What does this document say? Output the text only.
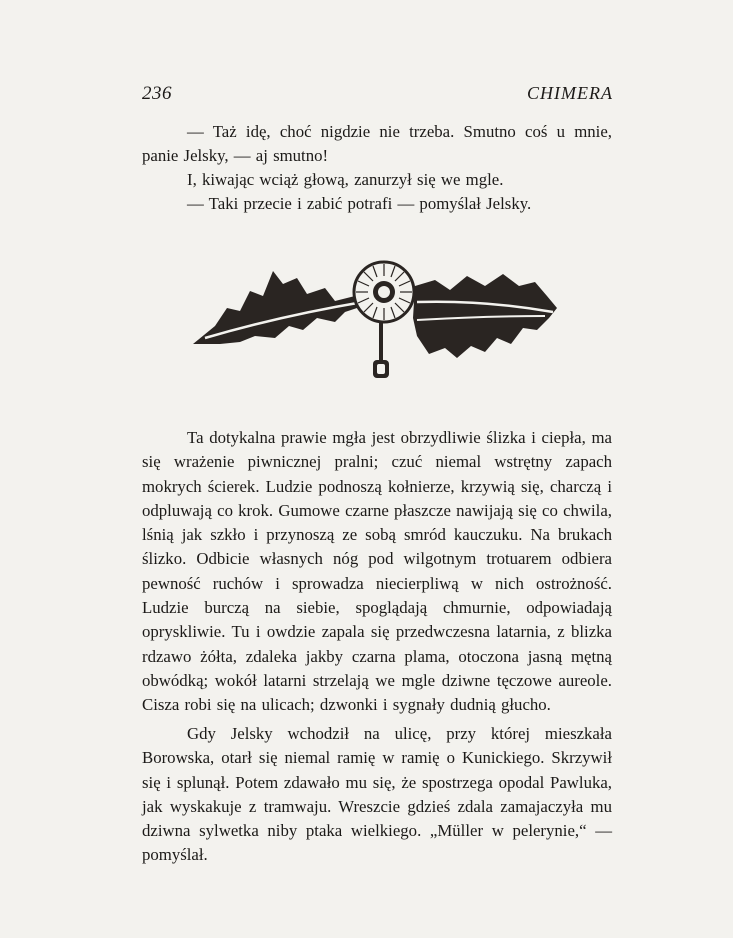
236	CHIMERA

— Taż idę, choć nigdzie nie trzeba. Smutno coś u mnie, panie Jelsky, — aj smutno!

I, kiwając wciąż głową, zanurzył się we mgle.

— Taki przecie i zabić potrafi — pomyślał Jelsky.

Ta dotykalna prawie mgła jest obrzydliwie ślizka i ciepła, ma się wrażenie piwnicznej pralni; czuć niemal wstrętny zapach mokrych ścierek. Ludzie podnoszą kołnierze, krzywią się, charczą i odpluwają co krok. Gumowe czarne płaszcze nawijają się co chwila, lśnią jak szkło i przynoszą ze sobą smród kauczuku. Na brukach ślizko. Odbicie własnych nóg pod wilgotnym trotuarem odbiera pewność ruchów i sprowadza niecierpliwą w nich ostrożność. Ludzie burczą na siebie, spoglądają chmurnie, odpowiadają opryskliwie. Tu i owdzie zapala się przedwczesna latarnia, z blizka rdzawo żółta, zdaleka jakby czarna plama, otoczona jasną mętną obwódką; wokół latarni strzelają we mgle dziwne tęczowe aureole. Cisza robi się na ulicach; dzwonki i sygnały dudnią głucho.

Gdy Jelsky wchodził na ulicę, przy której mieszkała Borowska, otarł się niemal ramię w ramię o Kunickiego. Skrzywił się i splunął. Potem zdawało mu się, że spostrzega opodal Pawluka, jak wyskakuje z tramwaju. Wreszcie gdzieś zdala zamajaczyła mu dziwna sylwetka niby ptaka wielkiego. „Müller w pelerynie,“ — pomyślał.
